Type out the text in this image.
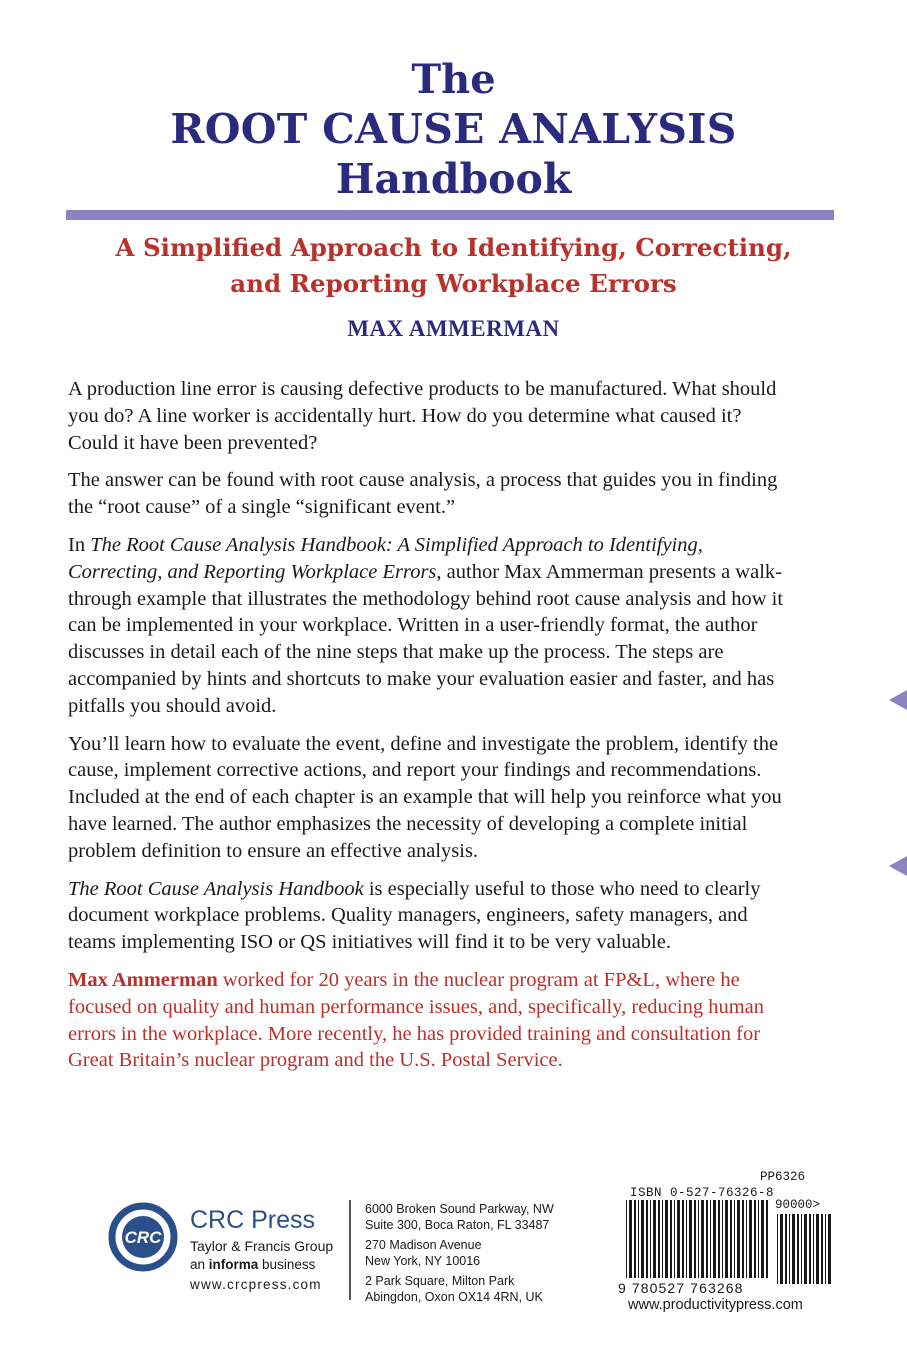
The
ROOT CAUSE ANALYSIS
Handbook
A Simplified Approach to Identifying, Correcting,
and Reporting Workplace Errors
MAX AMMERMAN

A production line error is causing defective products to be manufactured. What should you do? A line worker is accidentally hurt. How do you determine what caused it? Could it have been prevented?

The answer can be found with root cause analysis, a process that guides you in finding the “root cause” of a single “significant event.”

In The Root Cause Analysis Handbook: A Simplified Approach to Identifying, Correcting, and Reporting Workplace Errors, author Max Ammerman presents a walk-through example that illustrates the methodology behind root cause analysis and how it can be implemented in your workplace. Written in a user-friendly format, the author discusses in detail each of the nine steps that make up the process. The steps are accompanied by hints and shortcuts to make your evaluation easier and faster, and has pitfalls you should avoid.

You’ll learn how to evaluate the event, define and investigate the problem, identify the cause, implement corrective actions, and report your findings and recommendations. Included at the end of each chapter is an example that will help you reinforce what you have learned. The author emphasizes the necessity of developing a complete initial problem definition to ensure an effective analysis.

The Root Cause Analysis Handbook is especially useful to those who need to clearly document workplace problems. Quality managers, engineers, safety managers, and teams implementing ISO or QS initiatives will find it to be very valuable.

Max Ammerman worked for 20 years in the nuclear program at FP&L, where he focused on quality and human performance issues, and, specifically, reducing human errors in the workplace. More recently, he has provided training and consultation for Great Britain’s nuclear program and the U.S. Postal Service.

CRC
CRC Press
Taylor & Francis Group
an informa business
www.crcpress.com
6000 Broken Sound Parkway, NW
Suite 300, Boca Raton, FL 33487
270 Madison Avenue
New York, NY 10016
2 Park Square, Milton Park
Abingdon, Oxon OX14 4RN, UK
PP6326
ISBN 0-527-76326-8
90000>
9 780527 763268
www.productivitypress.com
